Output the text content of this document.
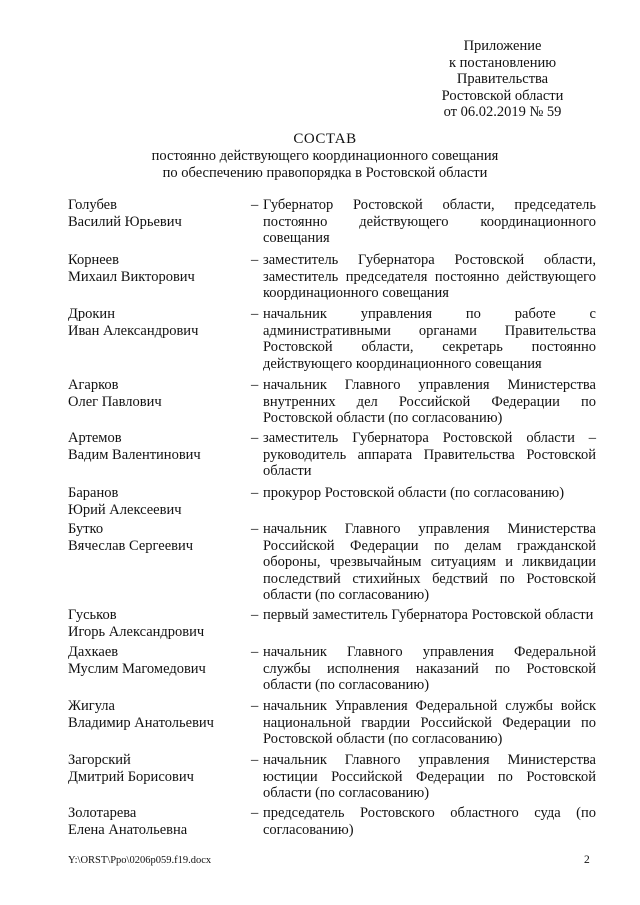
Приложение
к постановлению
Правительства
Ростовской области
от 06.02.2019 № 59
СОСТАВ
постоянно действующего координационного совещания
по обеспечению правопорядка в Ростовской области
Голубев
Василий Юрьевич
– Губернатор Ростовской области, председатель постоянно действующего координационного совещания
Корнеев
Михаил Викторович
– заместитель Губернатора Ростовской области, заместитель председателя постоянно действующего координационного совещания
Дрокин
Иван Александрович
– начальник управления по работе с административными органами Правительства Ростовской области, секретарь постоянно действующего координационного совещания
Агарков
Олег Павлович
– начальник Главного управления Министерства внутренних дел Российской Федерации по Ростовской области (по согласованию)
Артемов
Вадим Валентинович
– заместитель Губернатора Ростовской области – руководитель аппарата Правительства Ростовской области
Баранов
Юрий Алексеевич
– прокурор Ростовской области (по согласованию)
Бутко
Вячеслав Сергеевич
– начальник Главного управления Министерства Российской Федерации по делам гражданской обороны, чрезвычайным ситуациям и ликвидации последствий стихийных бедствий по Ростовской области (по согласованию)
Гуськов
Игорь Александрович
– первый заместитель Губернатора Ростовской области
Дахкаев
Муслим Магомедович
– начальник Главного управления Федеральной службы исполнения наказаний по Ростовской области (по согласованию)
Жигула
Владимир Анатольевич
– начальник Управления Федеральной службы войск национальной гвардии Российской Федерации по Ростовской области (по согласованию)
Загорский
Дмитрий Борисович
– начальник Главного управления Министерства юстиции Российской Федерации по Ростовской области (по согласованию)
Золотарева
Елена Анатольевна
– председатель Ростовского областного суда (по согласованию)
Y:\ORST\Ppo\0206p059.f19.docx	2
